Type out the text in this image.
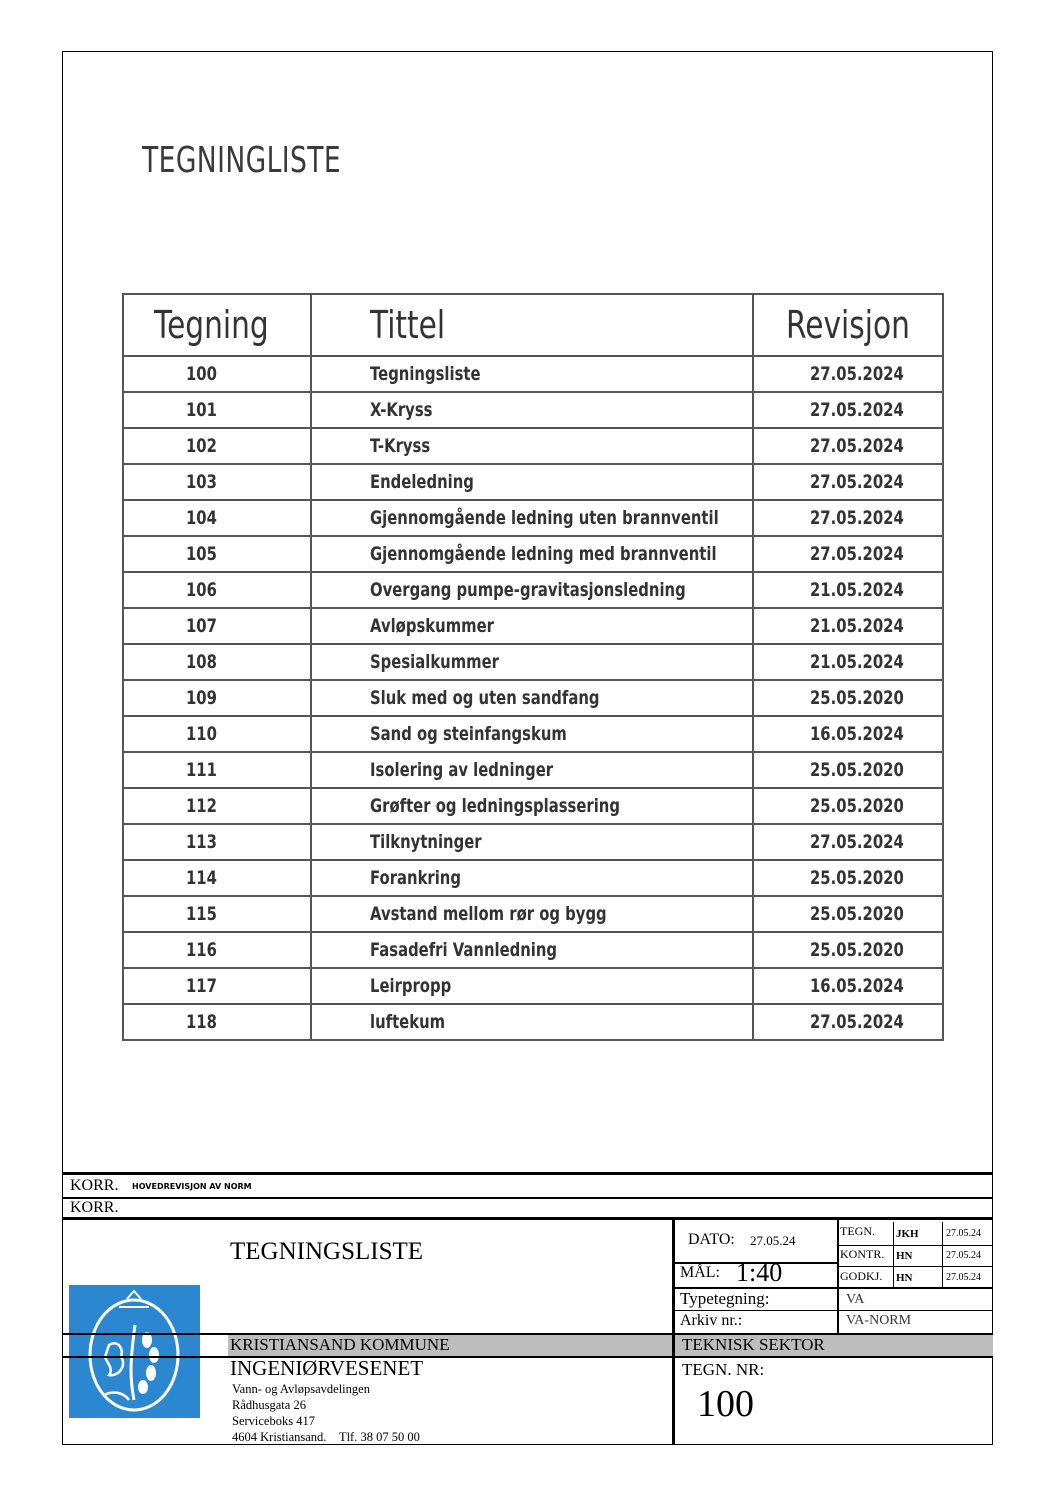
TEGNINGLISTE
Tegning	Tittel	Revisjon
100	Tegningsliste	27.05.2024
101	X-Kryss	27.05.2024
102	T-Kryss	27.05.2024
103	Endeledning	27.05.2024
104	Gjennomgående ledning uten brannventil	27.05.2024
105	Gjennomgående ledning med brannventil	27.05.2024
106	Overgang pumpe-gravitasjonsledning	21.05.2024
107	Avløpskummer	21.05.2024
108	Spesialkummer	21.05.2024
109	Sluk med og uten sandfang	25.05.2020
110	Sand og steinfangskum	16.05.2024
111	Isolering av ledninger	25.05.2020
112	Grøfter og ledningsplassering	25.05.2020
113	Tilknytninger	27.05.2024
114	Forankring	25.05.2020
115	Avstand mellom rør og bygg	25.05.2020
116	Fasadefri Vannledning	25.05.2020
117	Leirpropp	16.05.2024
118	luftekum	27.05.2024
KORR. HOVEDREVISJON AV NORM
KORR.
TEGNINGSLISTE
KRISTIANSAND KOMMUNE	TEKNISK SEKTOR
INGENIØRVESENET
Vann- og Avløpsavdelingen
Rådhusgata 26
Serviceboks 417
4604 Kristiansand. Tlf. 38 07 50 00
DATO: 27.05.24
MÅL: 1:40
TEGN. JKH	27.05.24
KONTR. HN	27.05.24
GODKJ. HN	27.05.24
Typetegning:	VA
Arkiv nr.:	VA-NORM
TEGN. NR:
100
